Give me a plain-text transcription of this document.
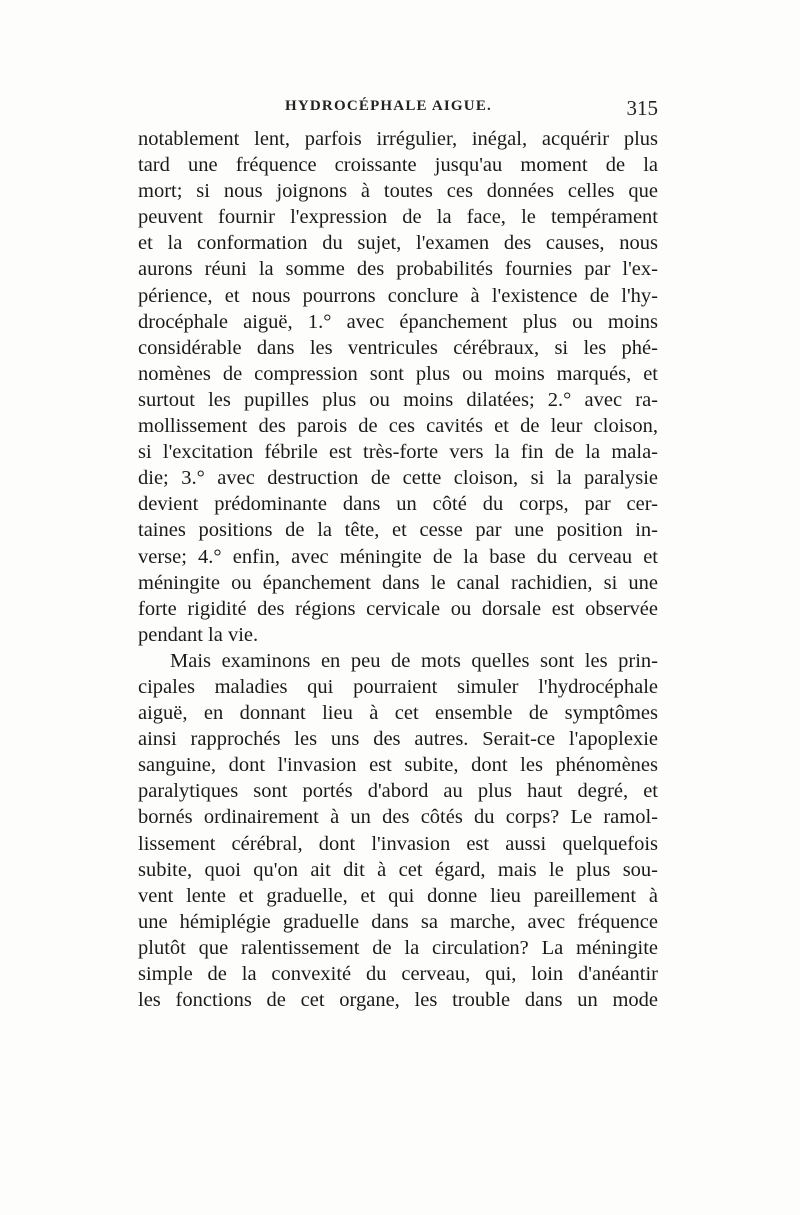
HYDROCÉPHALE AIGUE.	315
notablement lent, parfois irrégulier, inégal, acquérir plus
tard une fréquence croissante jusqu'au moment de la
mort; si nous joignons à toutes ces données celles que
peuvent fournir l'expression de la face, le tempérament
et la conformation du sujet, l'examen des causes, nous
aurons réuni la somme des probabilités fournies par l'ex-
périence, et nous pourrons conclure à l'existence de l'hy-
drocéphale aiguë, 1.° avec épanchement plus ou moins
considérable dans les ventricules cérébraux, si les phé-
nomènes de compression sont plus ou moins marqués, et
surtout les pupilles plus ou moins dilatées; 2.° avec ra-
mollissement des parois de ces cavités et de leur cloison,
si l'excitation fébrile est très-forte vers la fin de la mala-
die; 3.° avec destruction de cette cloison, si la paralysie
devient prédominante dans un côté du corps, par cer-
taines positions de la tête, et cesse par une position in-
verse; 4.° enfin, avec méningite de la base du cerveau et
méningite ou épanchement dans le canal rachidien, si une
forte rigidité des régions cervicale ou dorsale est observée
pendant la vie.
Mais examinons en peu de mots quelles sont les prin-
cipales maladies qui pourraient simuler l'hydrocéphale
aiguë, en donnant lieu à cet ensemble de symptômes
ainsi rapprochés les uns des autres. Serait-ce l'apoplexie
sanguine, dont l'invasion est subite, dont les phénomènes
paralytiques sont portés d'abord au plus haut degré, et
bornés ordinairement à un des côtés du corps? Le ramol-
lissement cérébral, dont l'invasion est aussi quelquefois
subite, quoi qu'on ait dit à cet égard, mais le plus sou-
vent lente et graduelle, et qui donne lieu pareillement à
une hémiplégie graduelle dans sa marche, avec fréquence
plutôt que ralentissement de la circulation? La méningite
simple de la convexité du cerveau, qui, loin d'anéantir
les fonctions de cet organe, les trouble dans un mode
